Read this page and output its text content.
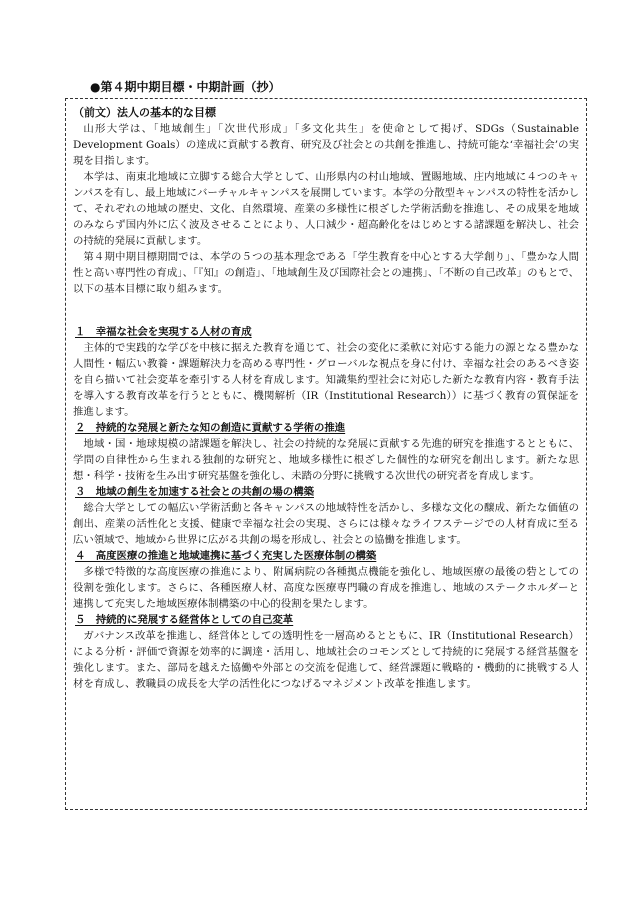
●第４期中期目標・中期計画（抄）
（前文）法人の基本的な目標

山形大学は、「地域創生」「次世代形成」「多文化共生」を使命として掲げ、SDGs（Sustainable Development Goals）の達成に貢献する教育、研究及び社会との共創を推進し、持続可能な‘幸福社会’の実現を目指します。

本学は、南東北地域に立脚する総合大学として、山形県内の村山地域、置賜地域、庄内地域に４つのキャンパスを有し、最上地域にバーチャルキャンパスを展開しています。本学の分散型キャンパスの特性を活かして、それぞれの地域の歴史、文化、自然環境、産業の多様性に根ざした学術活動を推進し、その成果を地域のみならず国内外に広く波及させることにより、人口減少・超高齢化をはじめとする諸課題を解決し、社会の持続的発展に貢献します。

第４期中期目標期間では、本学の５つの基本理念である「学生教育を中心とする大学創り」、「豊かな人間性と高い専門性の育成」、「『知』の創造」、「地域創生及び国際社会との連携」、「不断の自己改革」のもとで、以下の基本目標に取り組みます。

１　幸福な社会を実現する人材の育成

主体的で実践的な学びを中核に据えた教育を通じて、社会の変化に柔軟に対応する能力の源となる豊かな人間性・幅広い教養・課題解決力を高める専門性・グローバルな視点を身に付け、幸福な社会のあるべき姿を自ら描いて社会変革を牽引する人材を育成します。知識集約型社会に対応した新たな教育内容・教育手法を導入する教育改革を行うとともに、機関解析（IR（Institutional Research））に基づく教育の質保証を推進します。

２　持続的な発展と新たな知の創造に貢献する学術の推進

地域・国・地球規模の諸課題を解決し、社会の持続的な発展に貢献する先進的研究を推進するとともに、学問の自律性から生まれる独創的な研究と、地域多様性に根ざした個性的な研究を創出します。新たな思想・科学・技術を生み出す研究基盤を強化し、未踏の分野に挑戦する次世代の研究者を育成します。

３　地域の創生を加速する社会との共創の場の構築

総合大学としての幅広い学術活動と各キャンパスの地域特性を活かし、多様な文化の醸成、新たな価値の創出、産業の活性化と支援、健康で幸福な社会の実現、さらには様々なライフステージでの人材育成に至る広い領域で、地域から世界に広がる共創の場を形成し、社会との協働を推進します。

４　高度医療の推進と地域連携に基づく充実した医療体制の構築

多様で特徴的な高度医療の推進により、附属病院の各種拠点機能を強化し、地域医療の最後の砦としての役割を強化します。さらに、各種医療人材、高度な医療専門職の育成を推進し、地域のステークホルダーと連携して充実した地域医療体制構築の中心的役割を果たします。

５　持続的に発展する経営体としての自己変革

ガバナンス改革を推進し、経営体としての透明性を一層高めるとともに、IR（Institutional Research）による分析・評価で資源を効率的に調達・活用し、地域社会のコモンズとして持続的に発展する経営基盤を強化します。また、部局を越えた協働や外部との交流を促進して、経営課題に戦略的・機動的に挑戦する人材を育成し、教職員の成長を大学の活性化につなげるマネジメント改革を推進します。
